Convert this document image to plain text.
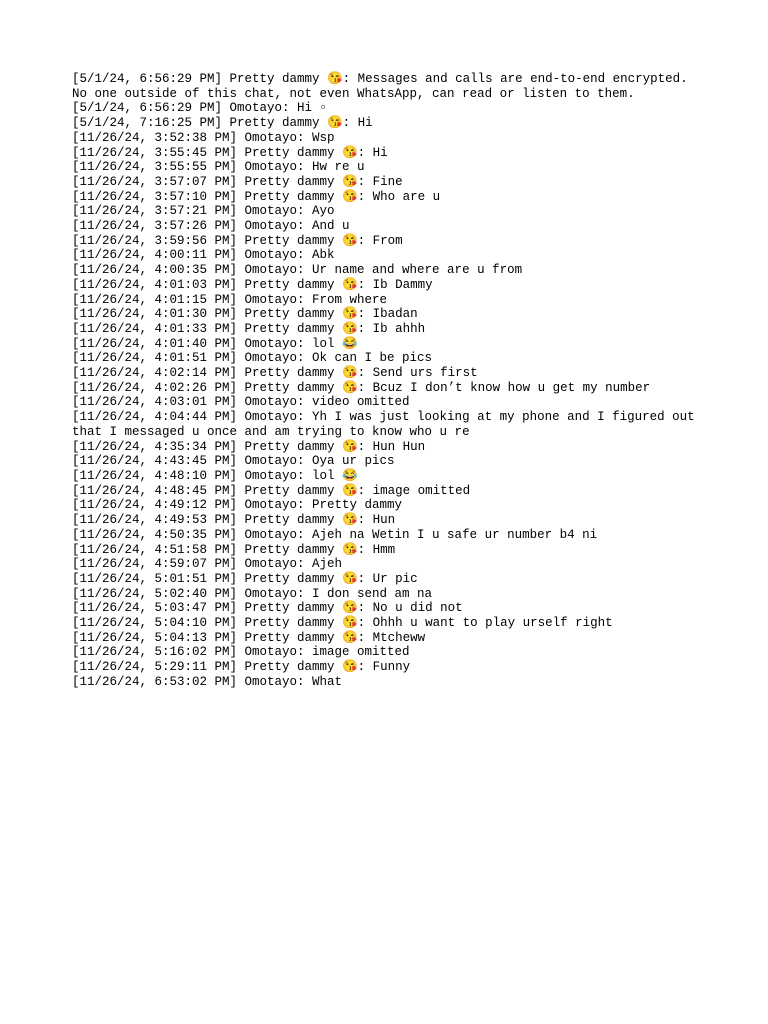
[5/1/24, 6:56:29 PM] Pretty dammy 😘: Messages and calls are end-to-end encrypted. No one outside of this chat, not even WhatsApp, can read or listen to them.
[5/1/24, 6:56:29 PM] Omotayo: Hi ▫
[5/1/24, 7:16:25 PM] Pretty dammy 😘: Hi
[11/26/24, 3:52:38 PM] Omotayo: Wsp
[11/26/24, 3:55:45 PM] Pretty dammy 😘: Hi
[11/26/24, 3:55:55 PM] Omotayo: Hw re u
[11/26/24, 3:57:07 PM] Pretty dammy 😘: Fine
[11/26/24, 3:57:10 PM] Pretty dammy 😘: Who are u
[11/26/24, 3:57:21 PM] Omotayo: Ayo
[11/26/24, 3:57:26 PM] Omotayo: And u
[11/26/24, 3:59:56 PM] Pretty dammy 😘: From
[11/26/24, 4:00:11 PM] Omotayo: Abk
[11/26/24, 4:00:35 PM] Omotayo: Ur name and where are u from
[11/26/24, 4:01:03 PM] Pretty dammy 😘: Ib Dammy
[11/26/24, 4:01:15 PM] Omotayo: From where
[11/26/24, 4:01:30 PM] Pretty dammy 😘: Ibadan
[11/26/24, 4:01:33 PM] Pretty dammy 😘: Ib ahhh
[11/26/24, 4:01:40 PM] Omotayo: lol 😂
[11/26/24, 4:01:51 PM] Omotayo: Ok can I be pics
[11/26/24, 4:02:14 PM] Pretty dammy 😘: Send urs first
[11/26/24, 4:02:26 PM] Pretty dammy 😘: Bcuz I don’t know how u get my number
[11/26/24, 4:03:01 PM] Omotayo: video omitted
[11/26/24, 4:04:44 PM] Omotayo: Yh I was just looking at my phone and I figured out that I messaged u once and am trying to know who u re
[11/26/24, 4:35:34 PM] Pretty dammy 😘: Hun Hun
[11/26/24, 4:43:45 PM] Omotayo: Oya ur pics
[11/26/24, 4:48:10 PM] Omotayo: lol 😂
[11/26/24, 4:48:45 PM] Pretty dammy 😘: image omitted
[11/26/24, 4:49:12 PM] Omotayo: Pretty dammy
[11/26/24, 4:49:53 PM] Pretty dammy 😘: Hun
[11/26/24, 4:50:35 PM] Omotayo: Ajeh na Wetin I u safe ur number b4 ni
[11/26/24, 4:51:58 PM] Pretty dammy 😘: Hmm
[11/26/24, 4:59:07 PM] Omotayo: Ajeh
[11/26/24, 5:01:51 PM] Pretty dammy 😘: Ur pic
[11/26/24, 5:02:40 PM] Omotayo: I don send am na
[11/26/24, 5:03:47 PM] Pretty dammy 😘: No u did not
[11/26/24, 5:04:10 PM] Pretty dammy 😘: Ohhh u want to play urself right
[11/26/24, 5:04:13 PM] Pretty dammy 😘: Mtcheww
[11/26/24, 5:16:02 PM] Omotayo: image omitted
[11/26/24, 5:29:11 PM] Pretty dammy 😘: Funny
[11/26/24, 6:53:02 PM] Omotayo: What
